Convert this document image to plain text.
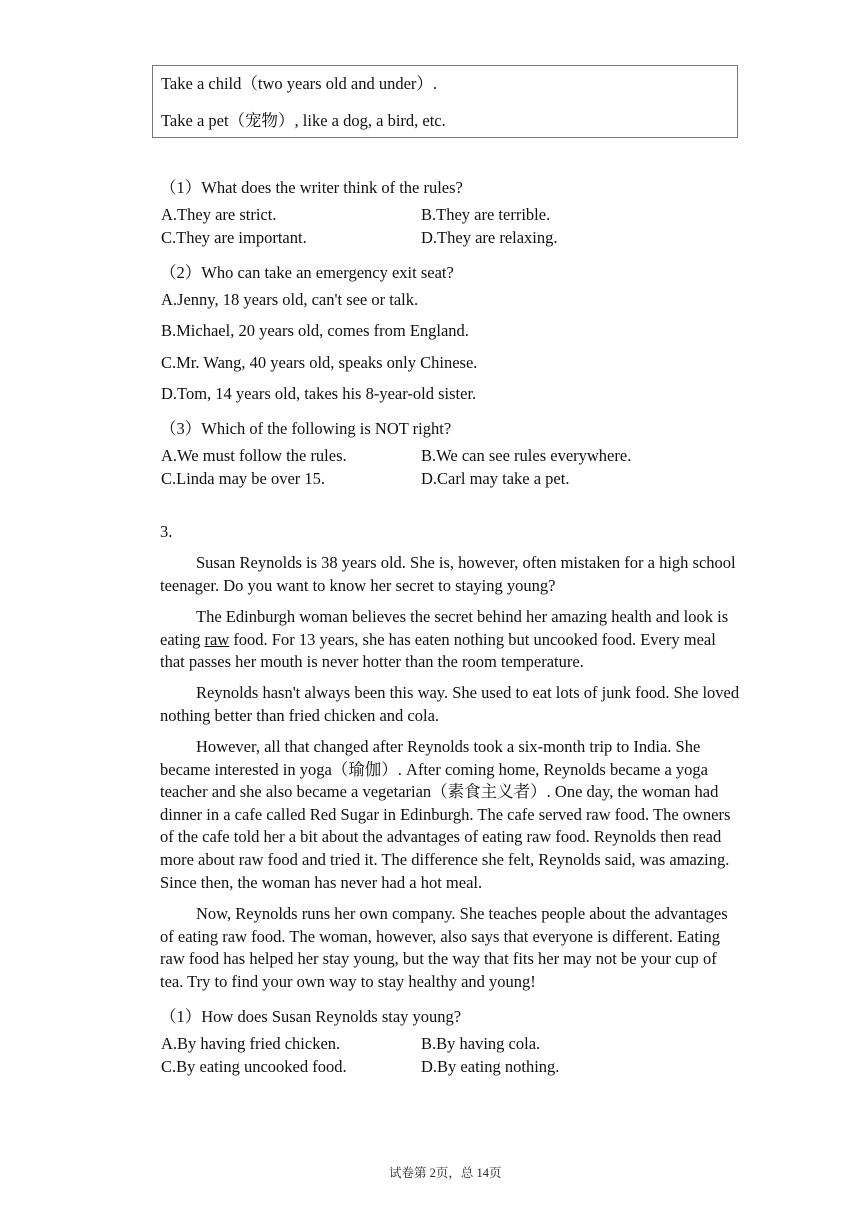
Take a child（two years old and under）.
Take a pet（宠物）, like a dog, a bird, etc.
（1）What does the writer think of the rules?
A.They are strict.	B.They are terrible.
C.They are important.	D.They are relaxing.
（2）Who can take an emergency exit seat?
A.Jenny, 18 years old, can't see or talk.
B.Michael, 20 years old, comes from England.
C.Mr. Wang, 40 years old, speaks only Chinese.
D.Tom, 14 years old, takes his 8-year-old sister.
（3）Which of the following is NOT right?
A.We must follow the rules.	B.We can see rules everywhere.
C.Linda may be over 15.	D.Carl may take a pet.
3.
Susan Reynolds is 38 years old. She is, however, often mistaken for a high school teenager. Do you want to know her secret to staying young?
The Edinburgh woman believes the secret behind her amazing health and look is eating raw food. For 13 years, she has eaten nothing but uncooked food. Every meal that passes her mouth is never hotter than the room temperature.
Reynolds hasn't always been this way. She used to eat lots of junk food. She loved nothing better than fried chicken and cola.
However, all that changed after Reynolds took a six-month trip to India. She became interested in yoga（瑜伽）. After coming home, Reynolds became a yoga teacher and she also became a vegetarian（素食主义者）. One day, the woman had dinner in a cafe called Red Sugar in Edinburgh. The cafe served raw food. The owners of the cafe told her a bit about the advantages of eating raw food. Reynolds then read more about raw food and tried it. The difference she felt, Reynolds said, was amazing. Since then, the woman has never had a hot meal.
Now, Reynolds runs her own company. She teaches people about the advantages of eating raw food. The woman, however, also says that everyone is different. Eating raw food has helped her stay young, but the way that fits her may not be your cup of tea. Try to find your own way to stay healthy and young!
（1）How does Susan Reynolds stay young?
A.By having fried chicken.	B.By having cola.
C.By eating uncooked food.	D.By eating nothing.
试卷第 2页，总 14页
